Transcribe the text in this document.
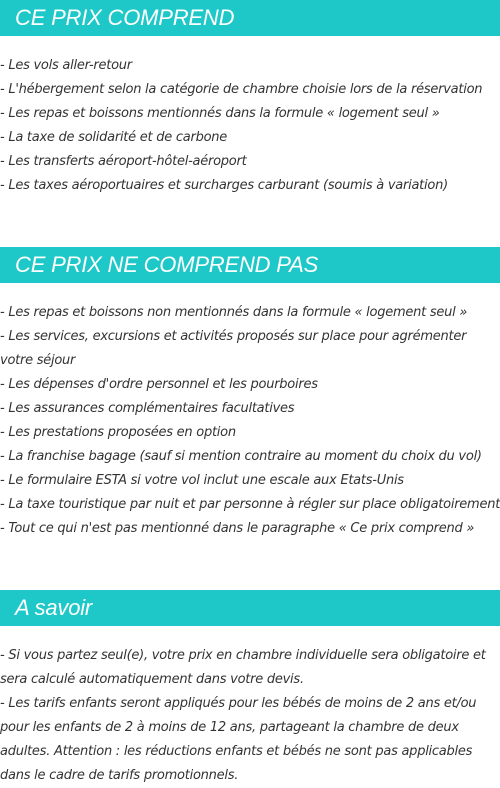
CE PRIX COMPREND
- Les vols aller-retour
- L'hébergement selon la catégorie de chambre choisie lors de la réservation
- Les repas et boissons mentionnés dans la formule « logement seul »
- La taxe de solidarité et de carbone
- Les transferts aéroport-hôtel-aéroport
- Les taxes aéroportuaires et surcharges carburant (soumis à variation)
CE PRIX NE COMPREND PAS
- Les repas et boissons non mentionnés dans la formule « logement seul »
- Les services, excursions et activités proposés sur place pour agrémenter votre séjour
- Les dépenses d'ordre personnel et les pourboires
- Les assurances complémentaires facultatives
- Les prestations proposées en option
- La franchise bagage (sauf si mention contraire au moment du choix du vol)
- Le formulaire ESTA si votre vol inclut une escale aux Etats-Unis
- La taxe touristique par nuit et par personne à régler sur place obligatoirement
- Tout ce qui n'est pas mentionné dans le paragraphe « Ce prix comprend »
A savoir
- Si vous partez seul(e), votre prix en chambre individuelle sera obligatoire et sera calculé automatiquement dans votre devis.
- Les tarifs enfants seront appliqués pour les bébés de moins de 2 ans et/ou pour les enfants de 2 à moins de 12 ans, partageant la chambre de deux adultes. Attention : les réductions enfants et bébés ne sont pas applicables dans le cadre de tarifs promotionnels.
